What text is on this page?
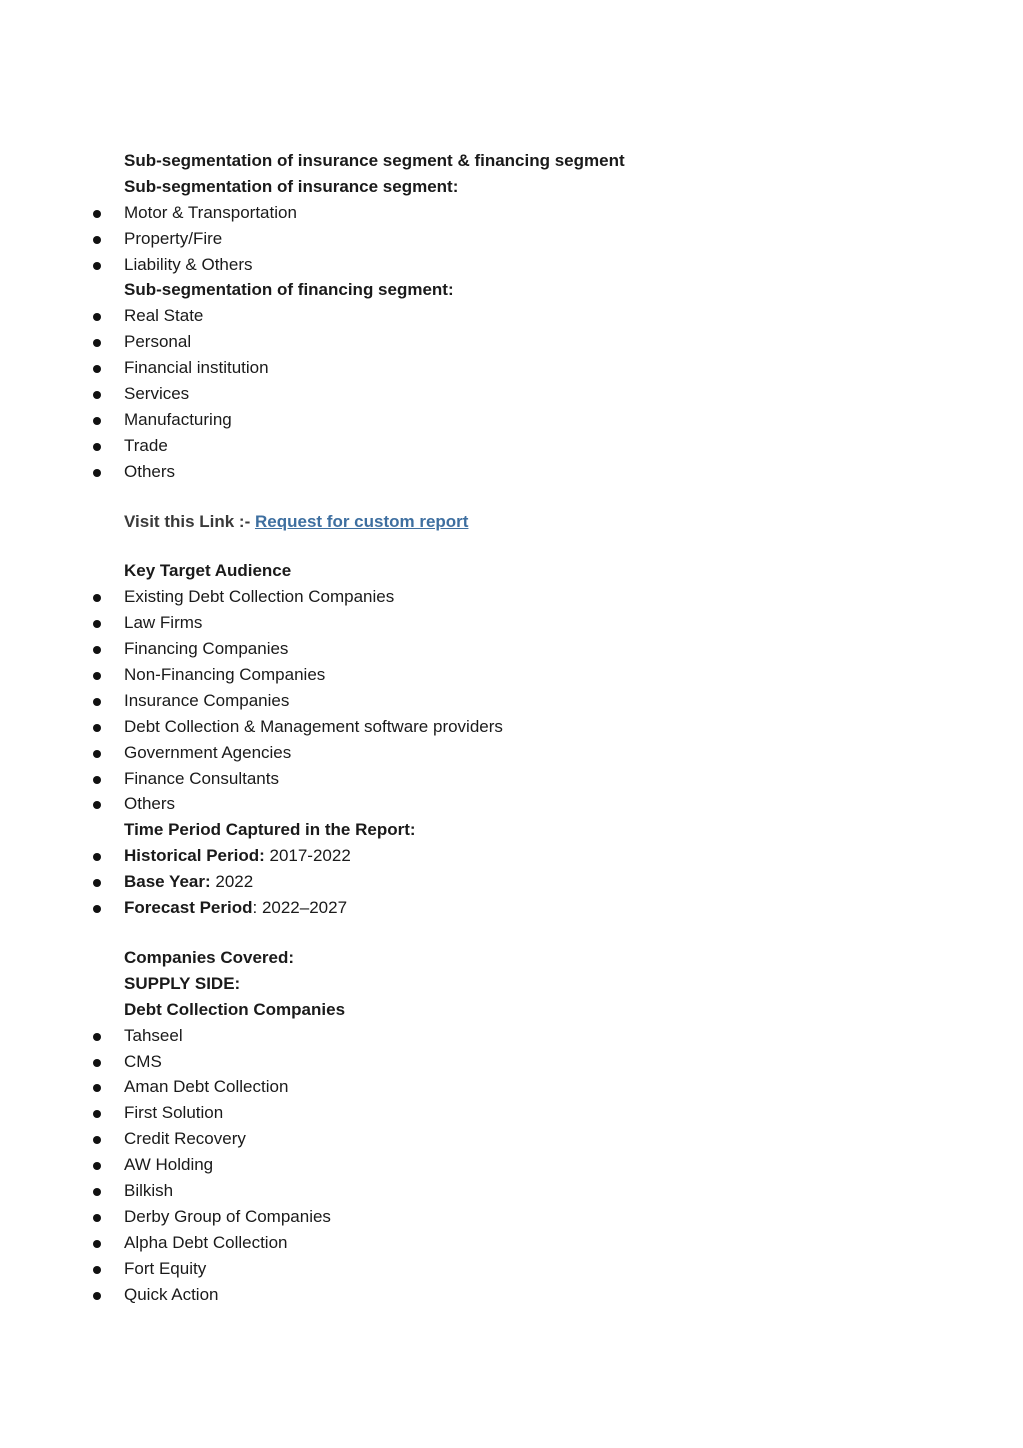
Sub-segmentation of insurance segment & financing segment
Sub-segmentation of insurance segment:
Motor & Transportation
Property/Fire
Liability & Others
Sub-segmentation of financing segment:
Real State
Personal
Financial institution
Services
Manufacturing
Trade
Others
Visit this Link :- Request for custom report
Key Target Audience
Existing Debt Collection Companies
Law Firms
Financing Companies
Non-Financing Companies
Insurance Companies
Debt Collection & Management software providers
Government Agencies
Finance Consultants
Others
Time Period Captured in the Report:
Historical Period: 2017-2022
Base Year: 2022
Forecast Period: 2022–2027
Companies Covered:
SUPPLY SIDE:
Debt Collection Companies
Tahseel
CMS
Aman Debt Collection
First Solution
Credit Recovery
AW Holding
Bilkish
Derby Group of Companies
Alpha Debt Collection
Fort Equity
Quick Action
